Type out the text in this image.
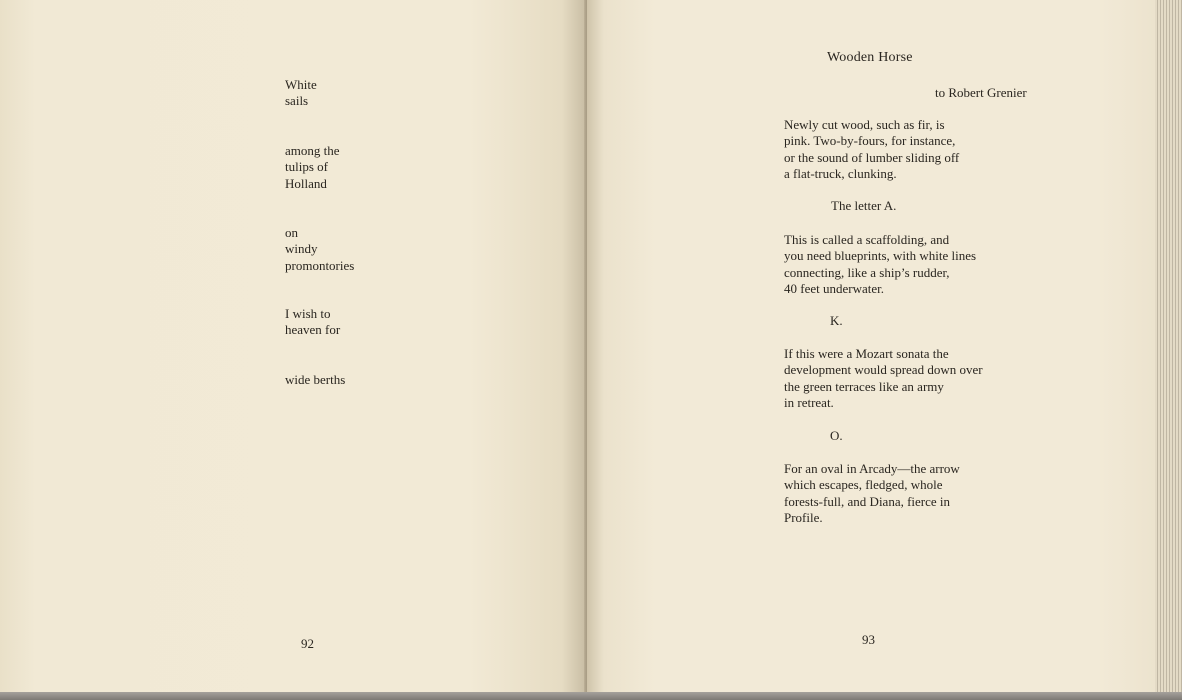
White
sails
among the
tulips of
Holland
on
windy
promontories
I wish to
heaven for
wide berths
92
Wooden Horse
to Robert Grenier
Newly cut wood, such as fir, is
pink. Two-by-fours, for instance,
or the sound of lumber sliding off
a flat-truck, clunking.
The letter A.
This is called a scaffolding, and
you need blueprints, with white lines
connecting, like a ship’s rudder,
40 feet underwater.
K.
If this were a Mozart sonata the
development would spread down over
the green terraces like an army
in retreat.
O.
For an oval in Arcady—the arrow
which escapes, fledged, whole
forests-full, and Diana, fierce in
Profile.
93
